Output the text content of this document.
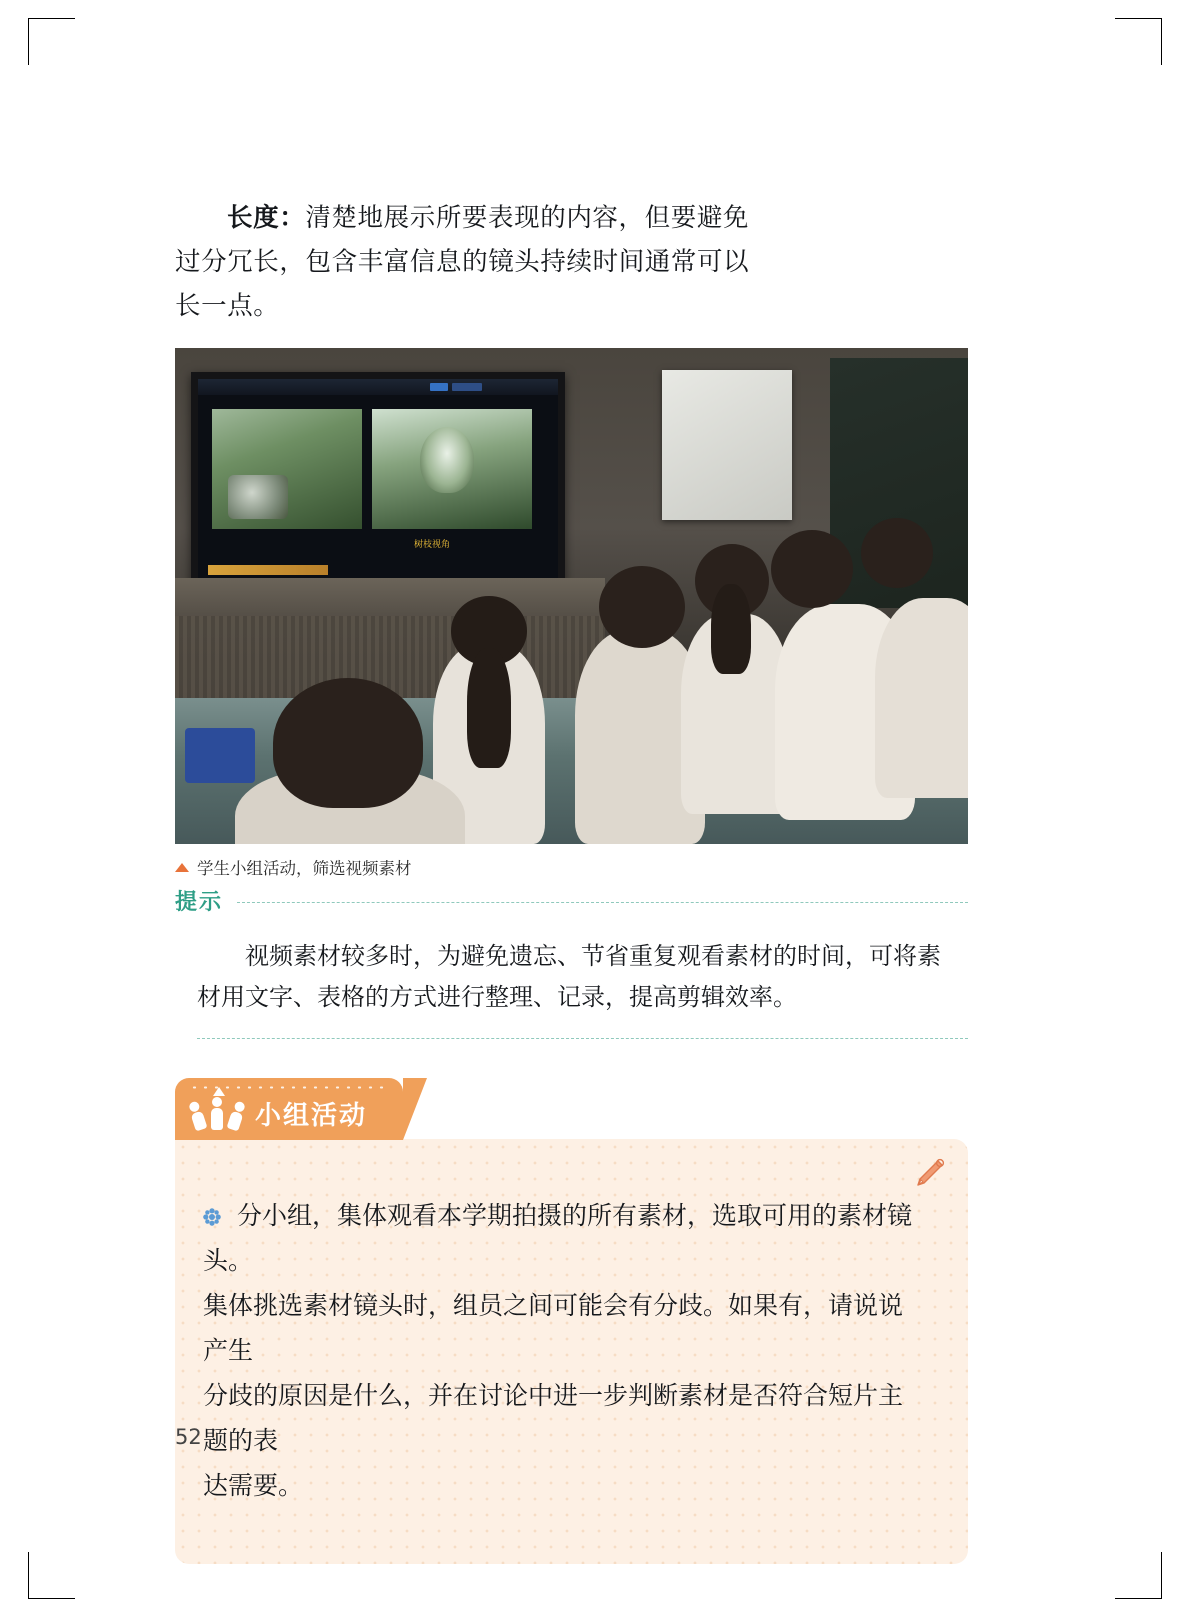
长度：清楚地展示所要表现的内容，但要避免
过分冗长，包含丰富信息的镜头持续时间通常可以
长一点。
树枝视角
学生小组活动，筛选视频素材
提示
视频素材较多时，为避免遗忘、节省重复观看素材的时间，可将素
材用文字、表格的方式进行整理、记录，提高剪辑效率。
小组活动
分小组，集体观看本学期拍摄的所有素材，选取可用的素材镜头。
集体挑选素材镜头时，组员之间可能会有分歧。如果有，请说说产生
分歧的原因是什么，并在讨论中进一步判断素材是否符合短片主题的表
达需要。
52
